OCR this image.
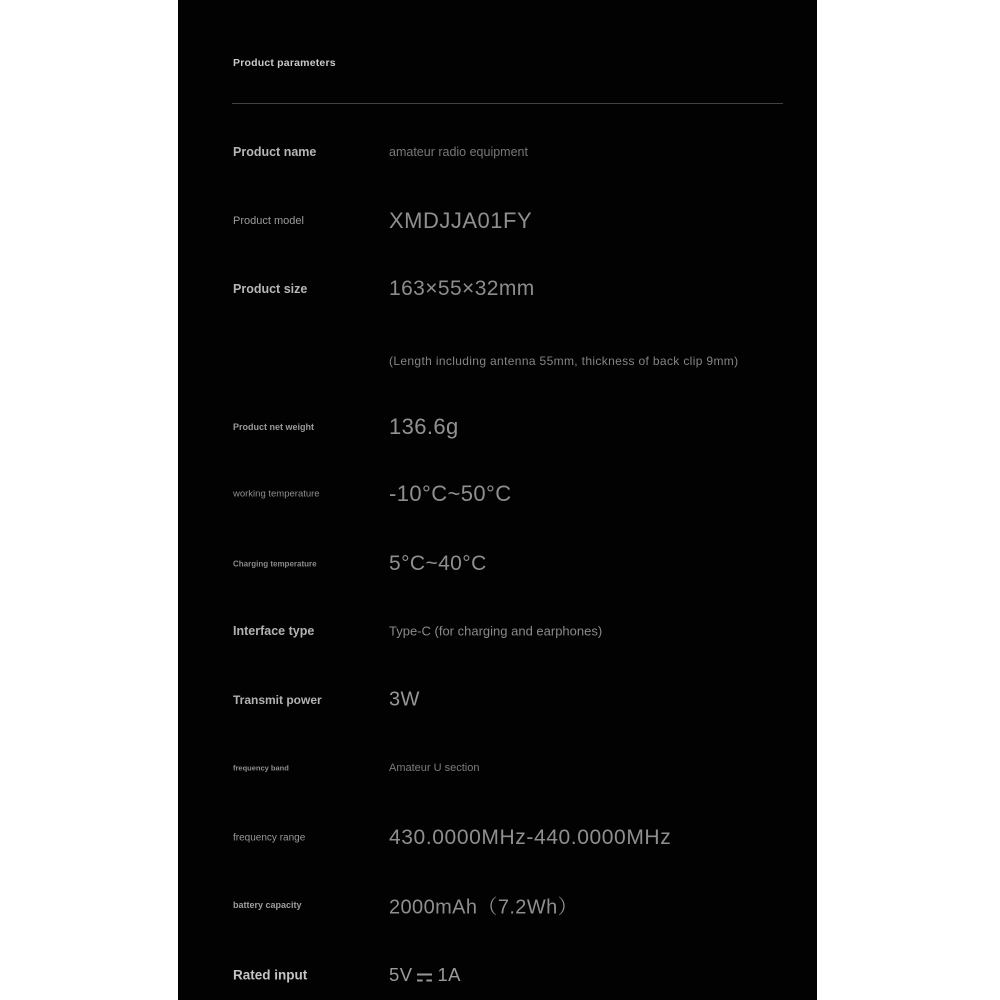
Product parameters
Product name	amateur radio equipment
Product model	XMDJJA01FY
Product size	163×55×32mm
(Length including antenna 55mm, thickness of back clip 9mm)
Product net weight	136.6g
working temperature	-10°C~50°C
Charging temperature	5°C~40°C
Interface type	Type-C (for charging and earphones)
Transmit power	3W
frequency band	Amateur U section
frequency range	430.0000MHz-440.0000MHz
battery capacity	2000mAh（7.2Wh）
Rated input	5V 1A
